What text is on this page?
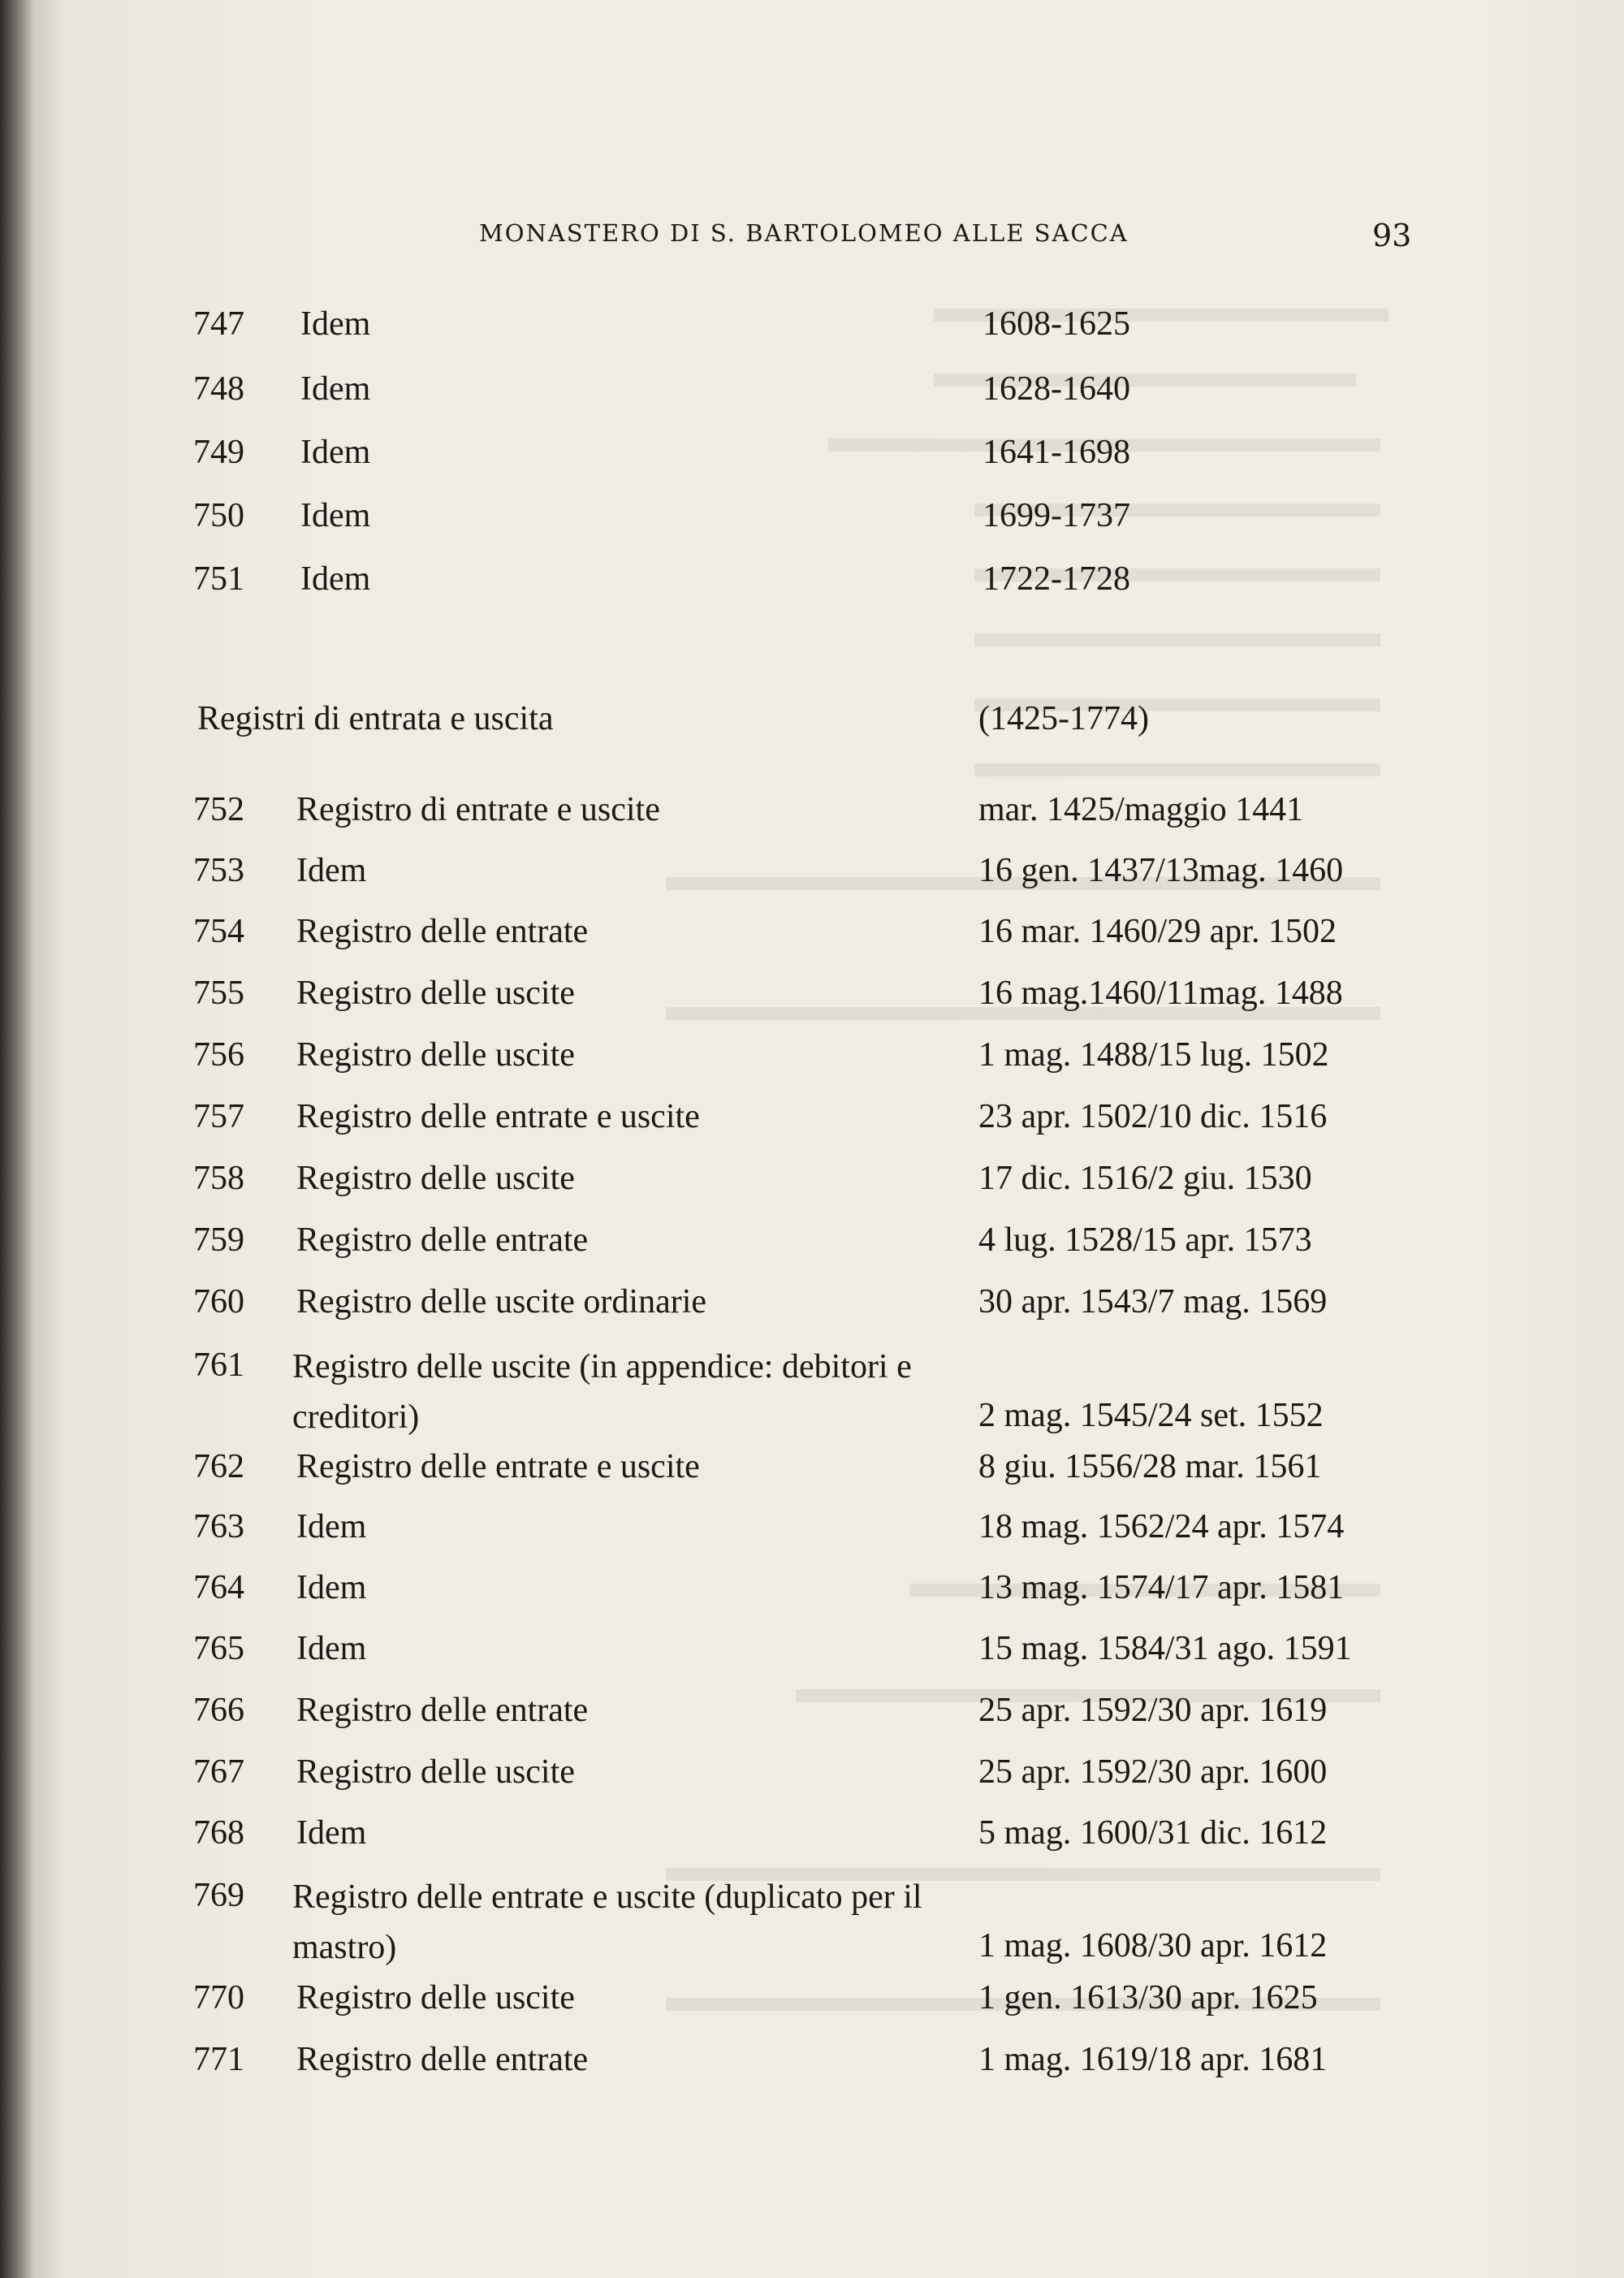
MONASTERO DI S. BARTOLOMEO ALLE SACCA	93
747 Idem	1608-1625
748 Idem	1628-1640
749 Idem	1641-1698
750 Idem	1699-1737
751 Idem	1722-1728
Registri di entrata e uscita	(1425-1774)
752 Registro di entrate e uscite	mar. 1425/maggio 1441
753 Idem	16 gen. 1437/13mag. 1460
754 Registro delle entrate	16 mar. 1460/29 apr. 1502
755 Registro delle uscite	16 mag.1460/11mag. 1488
756 Registro delle uscite	1 mag. 1488/15 lug. 1502
757 Registro delle entrate e uscite	23 apr. 1502/10 dic. 1516
758 Registro delle uscite	17 dic. 1516/2 giu. 1530
759 Registro delle entrate	4 lug. 1528/15 apr. 1573
760 Registro delle uscite ordinarie	30 apr. 1543/7 mag. 1569
761 Registro delle uscite (in appendice: debitori e creditori)	2 mag. 1545/24 set. 1552
762 Registro delle entrate e uscite	8 giu. 1556/28 mar. 1561
763 Idem	18 mag. 1562/24 apr. 1574
764 Idem	13 mag. 1574/17 apr. 1581
765 Idem	15 mag. 1584/31 ago. 1591
766 Registro delle entrate	25 apr. 1592/30 apr. 1619
767 Registro delle uscite	25 apr. 1592/30 apr. 1600
768 Idem	5 mag. 1600/31 dic. 1612
769 Registro delle entrate e uscite (duplicato per il mastro)	1 mag. 1608/30 apr. 1612
770 Registro delle uscite	1 gen. 1613/30 apr. 1625
771 Registro delle entrate	1 mag. 1619/18 apr. 1681
